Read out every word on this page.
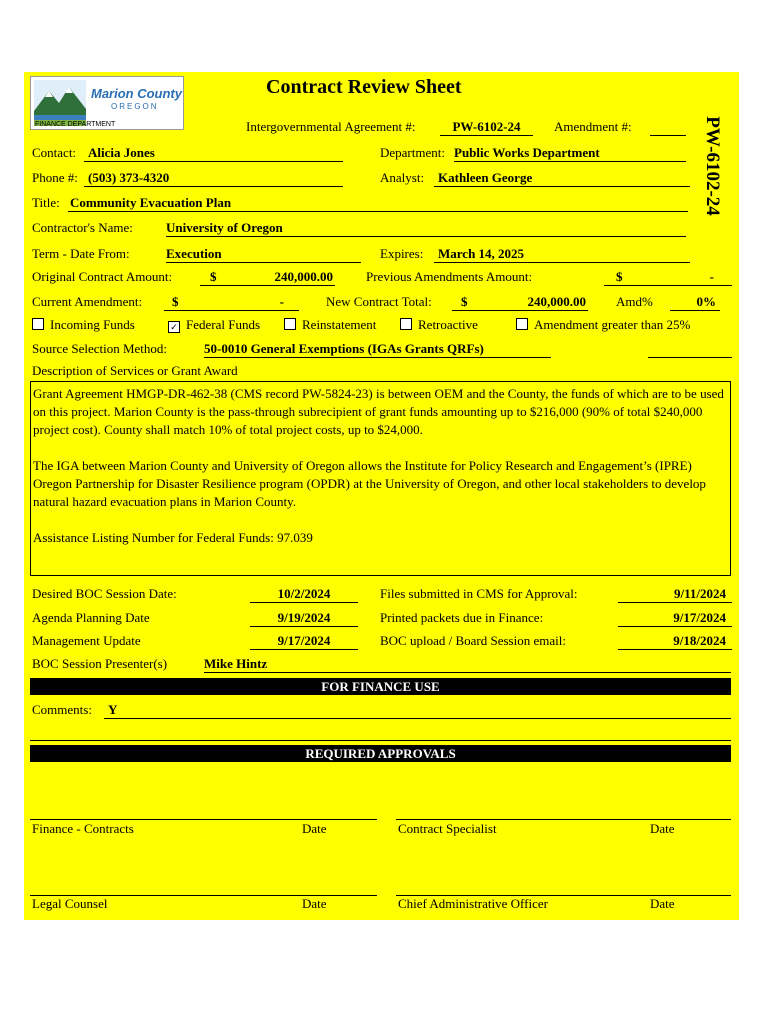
Marion County
OREGON
FINANCE DEPARTMENT
Contract Review Sheet
PW-6102-24
Intergovernmental Agreement #:	PW-6102-24	Amendment #:
Contact: Alicia Jones	Department: Public Works Department
Phone #: (503) 373-4320	Analyst:	Kathleen George
Title: Community Evacuation Plan
Contractor's Name:	University of Oregon
Term - Date From:	Execution	Expires:	March 14, 2025
Original Contract Amount:	$	240,000.00	Previous Amendments Amount:	$	-
Current Amendment: $	-	New Contract Total: $	240,000.00 Amd%	0%
Incoming Funds	✓ Federal Funds	Reinstatement	Retroactive	Amendment greater than 25%
Source Selection Method:	50-0010 General Exemptions (IGAs Grants QRFs)
Description of Services or Grant Award

Grant Agreement HMGP-DR-462-38 (CMS record PW-5824-23) is between OEM and the County, the funds of which are to be used on this project. Marion County is the pass-through subrecipient of grant funds amounting up to $216,000 (90% of total $240,000 project cost). County shall match 10% of total project costs, up to $24,000.

The IGA between Marion County and University of Oregon allows the Institute for Policy Research and Engagement’s (IPRE) Oregon Partnership for Disaster Resilience program (OPDR) at the University of Oregon, and other local stakeholders to develop natural hazard evacuation plans in Marion County.

Assistance Listing Number for Federal Funds: 97.039

Desired BOC Session Date:	10/2/2024	Files submitted in CMS for Approval:	9/11/2024
Agenda Planning Date	9/19/2024	Printed packets due in Finance:	9/17/2024
Management Update	9/17/2024	BOC upload / Board Session email:	9/18/2024
BOC Session Presenter(s)	Mike Hintz
FOR FINANCE USE
Comments:	Y
REQUIRED APPROVALS
Finance - Contracts	Date	Contract Specialist	Date
Legal Counsel	Date	Chief Administrative Officer	Date
